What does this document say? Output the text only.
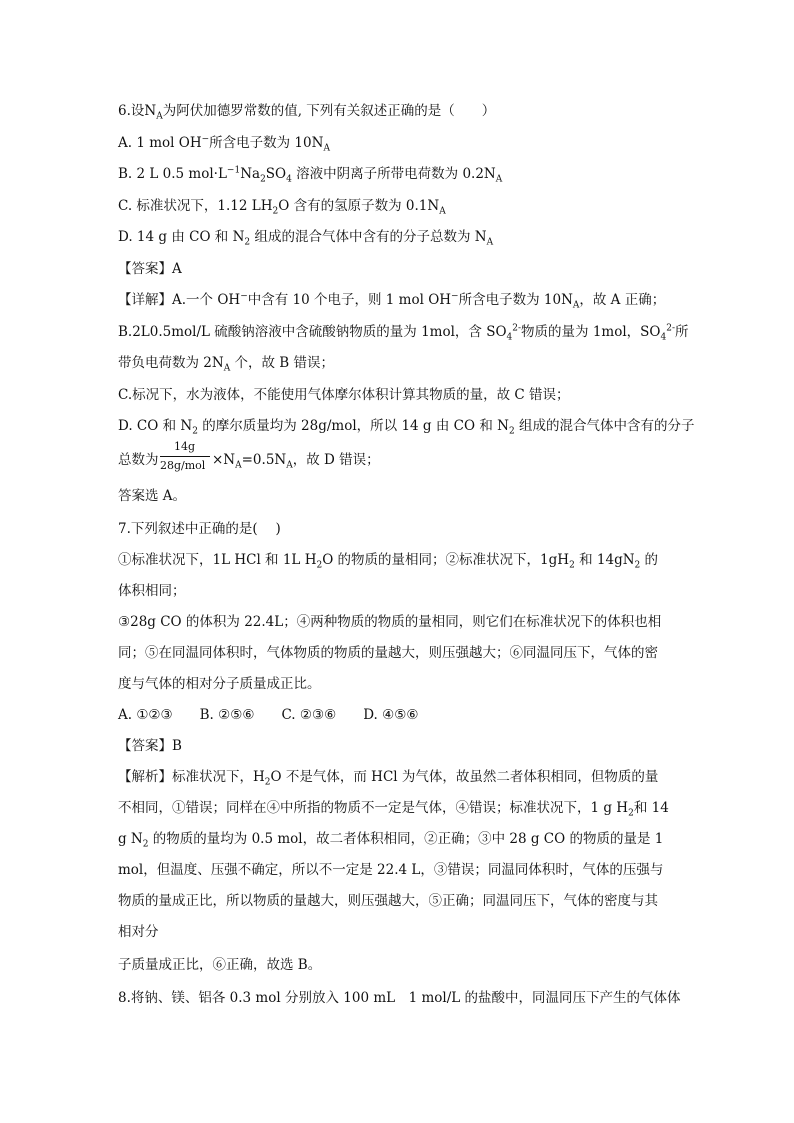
6.设$N_A$为阿伏加德罗常数的值, 下列有关叙述正确的是（　　）
A. 1 mol OH−所含电子数为 $10N_A$
B. 2 L 0.5 $mol\cdot L^{-1}Na_2SO_4$ 溶液中阴离子所带电荷数为 $0.2N_A$
C. 标准状况下，1.12 $LH_2O$ 含有的氢原子数为 $0.1N_A$
D. 14 g 由 CO 和 $N_2$ 组成的混合气体中含有的分子总数为 $N_A$
【答案】A
【详解】A.一个 OH−中含有 10 个电子，则 1 mol OH−所含电子数为 $10N_A$，故 A 正确；
B.2L0.5mol/L 硫酸钠溶液中含硫酸钠物质的量为 1mol，含 $SO_4^{2-}$物质的量为 1mol，$SO_4^{2-}$所
带负电荷数为 $2N_A$ 个，故 B 错误；
C.标况下，水为液体，不能使用气体摩尔体积计算其物质的量，故 C 错误；
D. CO 和 $N_2$ 的摩尔质量均为 28g/mol，所以 14 g 由 CO 和 $N_2$ 组成的混合气体中含有的分子
总数为
14g
$28g/mol \times N_A=0.5N_A$，故 D 错误；
答案选 A。
7.下列叙述中正确的是(　 )
①标准状况下，1L HCl 和 1L $H_2O$ 的物质的量相同；②标准状况下，$1gH_2$ 和 $14gN_2$ 的
体积相同；
③28g CO 的体积为 22.4L；④两种物质的物质的量相同，则它们在标准状况下的体积也相
同；⑤在同温同体积时，气体物质的物质的量越大，则压强越大；⑥同温同压下，气体的密
度与气体的相对分子质量成正比。
A. ①②③　　B. ②⑤⑥　　C. ②③⑥　　D. ④⑤⑥
【答案】B
【解析】标准状况下，$H_2O$ 不是气体，而 HCl 为气体，故虽然二者体积相同，但物质的量
不相同，①错误；同样在④中所指的物质不一定是气体，④错误；标准状况下，1 g $H_2$和 14
g $N_2$ 的物质的量均为 0.5 mol，故二者体积相同，②正确；③中 28 g CO 的物质的量是 1
mol，但温度、压强不确定，所以不一定是 22.4 L，③错误；同温同体积时，气体的压强与
物质的量成正比，所以物质的量越大，则压强越大，⑤正确；同温同压下，气体的密度与其
相对分
子质量成正比，⑥正确，故选 B。
8.将钠、镁、铝各 0.3 mol 分别放入 100 mL　1 mol/L 的盐酸中，同温同压下产生的气体体
